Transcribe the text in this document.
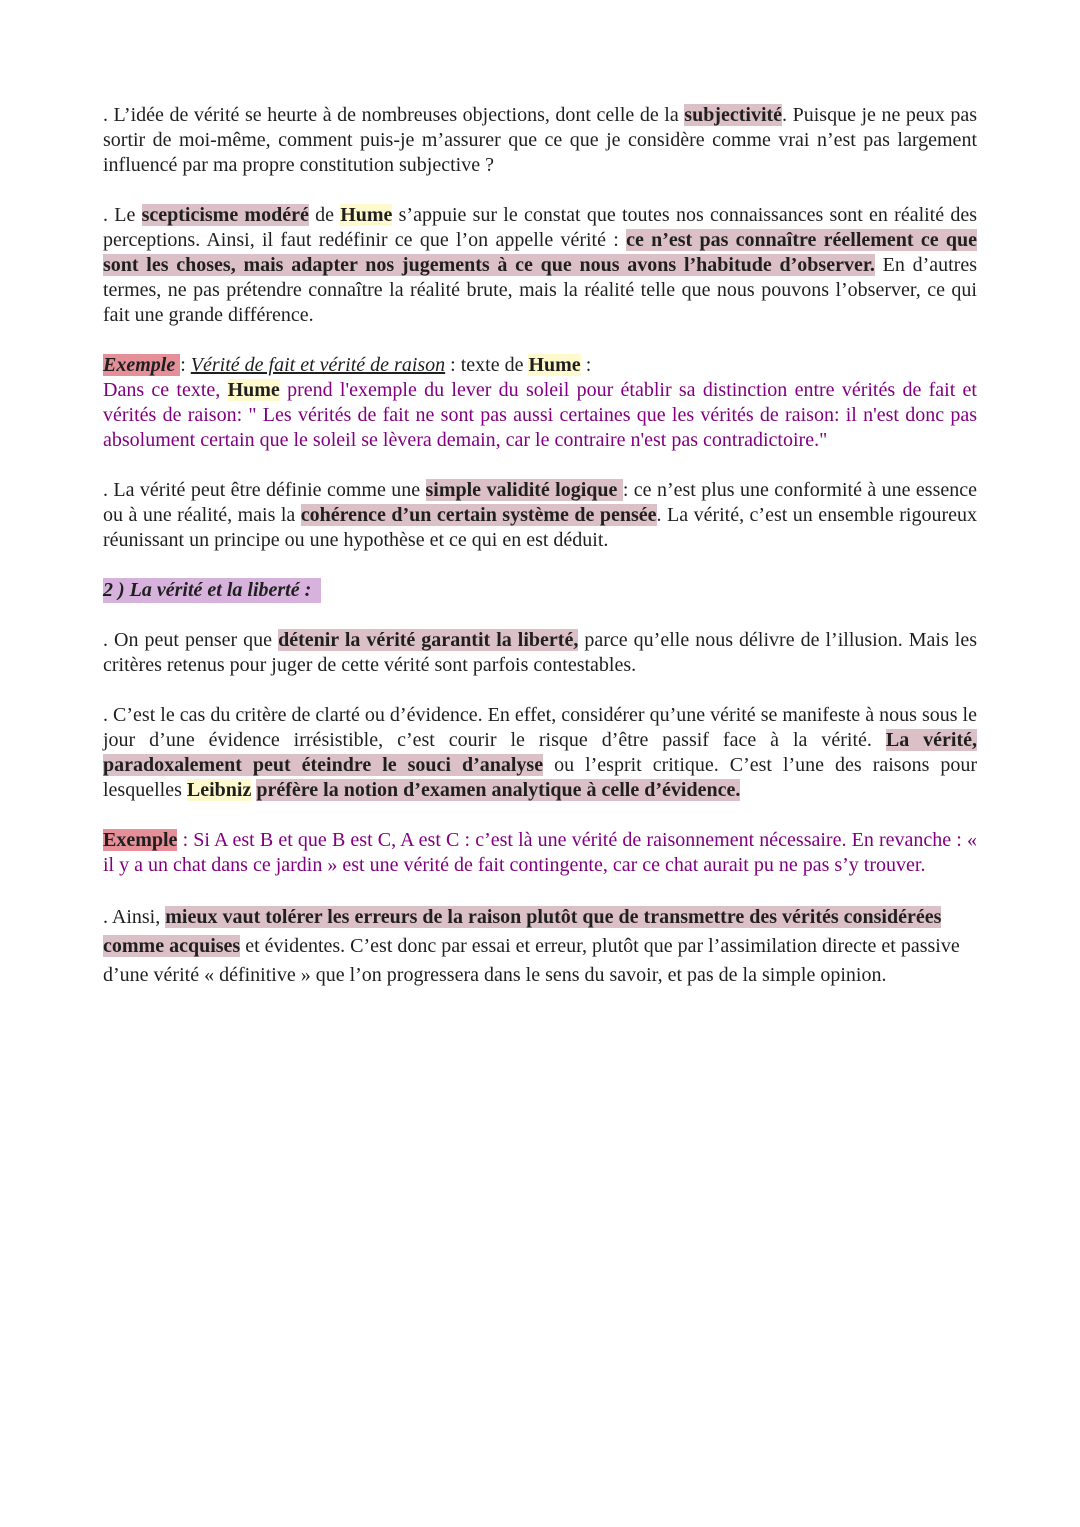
. L’idée de vérité se heurte à de nombreuses objections, dont celle de la subjectivité. Puisque je ne peux pas sortir de moi-même, comment puis-je m’assurer que ce que je considère comme vrai n’est pas largement influencé par ma propre constitution subjective ?

. Le scepticisme modéré de Hume s’appuie sur le constat que toutes nos connaissances sont en réalité des perceptions. Ainsi, il faut redéfinir ce que l’on appelle vérité : ce n’est pas connaître réellement ce que sont les choses, mais adapter nos jugements à ce que nous avons l’habitude d’observer. En d’autres termes, ne pas prétendre connaître la réalité brute, mais la réalité telle que nous pouvons l’observer, ce qui fait une grande différence.

Exemple : Vérité de fait et vérité de raison : texte de Hume :
Dans ce texte, Hume prend l'exemple du lever du soleil pour établir sa distinction entre vérités de fait et vérités de raison: " Les vérités de fait ne sont pas aussi certaines que les vérités de raison: il n'est donc pas absolument certain que le soleil se lèvera demain, car le contraire n'est pas contradictoire."

. La vérité peut être définie comme une simple validité logique : ce n’est plus une conformité à une essence ou à une réalité, mais la cohérence d’un certain système de pensée. La vérité, c’est un ensemble rigoureux réunissant un principe ou une hypothèse et ce qui en est déduit.

2 ) La vérité et la liberté :

. On peut penser que détenir la vérité garantit la liberté, parce qu’elle nous délivre de l’illusion. Mais les critères retenus pour juger de cette vérité sont parfois contestables.

. C’est le cas du critère de clarté ou d’évidence. En effet, considérer qu’une vérité se manifeste à nous sous le jour d’une évidence irrésistible, c’est courir le risque d’être passif face à la vérité. La vérité, paradoxalement peut éteindre le souci d’analyse ou l’esprit critique. C’est l’une des raisons pour lesquelles Leibniz préfère la notion d’examen analytique à celle d’évidence.

Exemple : Si A est B et que B est C, A est C : c’est là une vérité de raisonnement nécessaire. En revanche : « il y a un chat dans ce jardin » est une vérité de fait contingente, car ce chat aurait pu ne pas s’y trouver.

. Ainsi, mieux vaut tolérer les erreurs de la raison plutôt que de transmettre des vérités considérées comme acquises et évidentes. C’est donc par essai et erreur, plutôt que par l’assimilation directe et passive d’une vérité « définitive » que l’on progressera dans le sens du savoir, et pas de la simple opinion.
